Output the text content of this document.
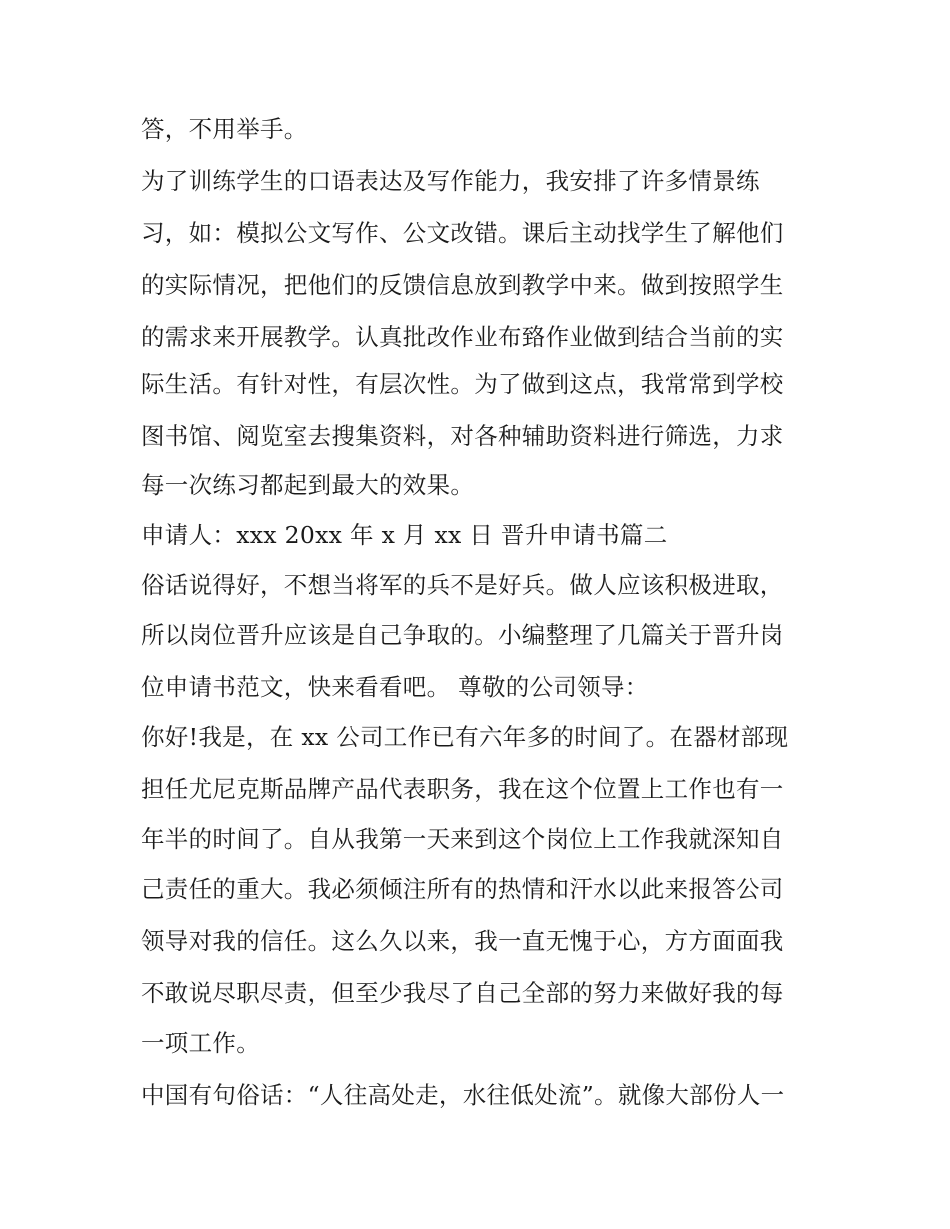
答，不用举手。
为了训练学生的口语表达及写作能力，我安排了许多情景练
习，如：模拟公文写作、公文改错。课后主动找学生了解他们
的实际情况，把他们的反馈信息放到教学中来。做到按照学生
的需求来开展教学。认真批改作业布臵作业做到结合当前的实
际生活。有针对性，有层次性。为了做到这点，我常常到学校
图书馆、阅览室去搜集资料，对各种辅助资料进行筛选，力求
每一次练习都起到最大的效果。
申请人：xxx 20xx 年 x 月 xx 日 晋升申请书篇二
俗话说得好，不想当将军的兵不是好兵。做人应该积极进取，
所以岗位晋升应该是自己争取的。小编整理了几篇关于晋升岗
位申请书范文，快来看看吧。 尊敬的公司领导：
你好!我是，在 xx 公司工作已有六年多的时间了。在器材部现
担任尤尼克斯品牌产品代表职务，我在这个位置上工作也有一
年半的时间了。自从我第一天来到这个岗位上工作我就深知自
己责任的重大。我必须倾注所有的热情和汗水以此来报答公司
领导对我的信任。这么久以来，我一直无愧于心，方方面面我
不敢说尽职尽责，但至少我尽了自己全部的努力来做好我的每
一项工作。
中国有句俗话：“人往高处走，水往低处流”。就像大部份人一
